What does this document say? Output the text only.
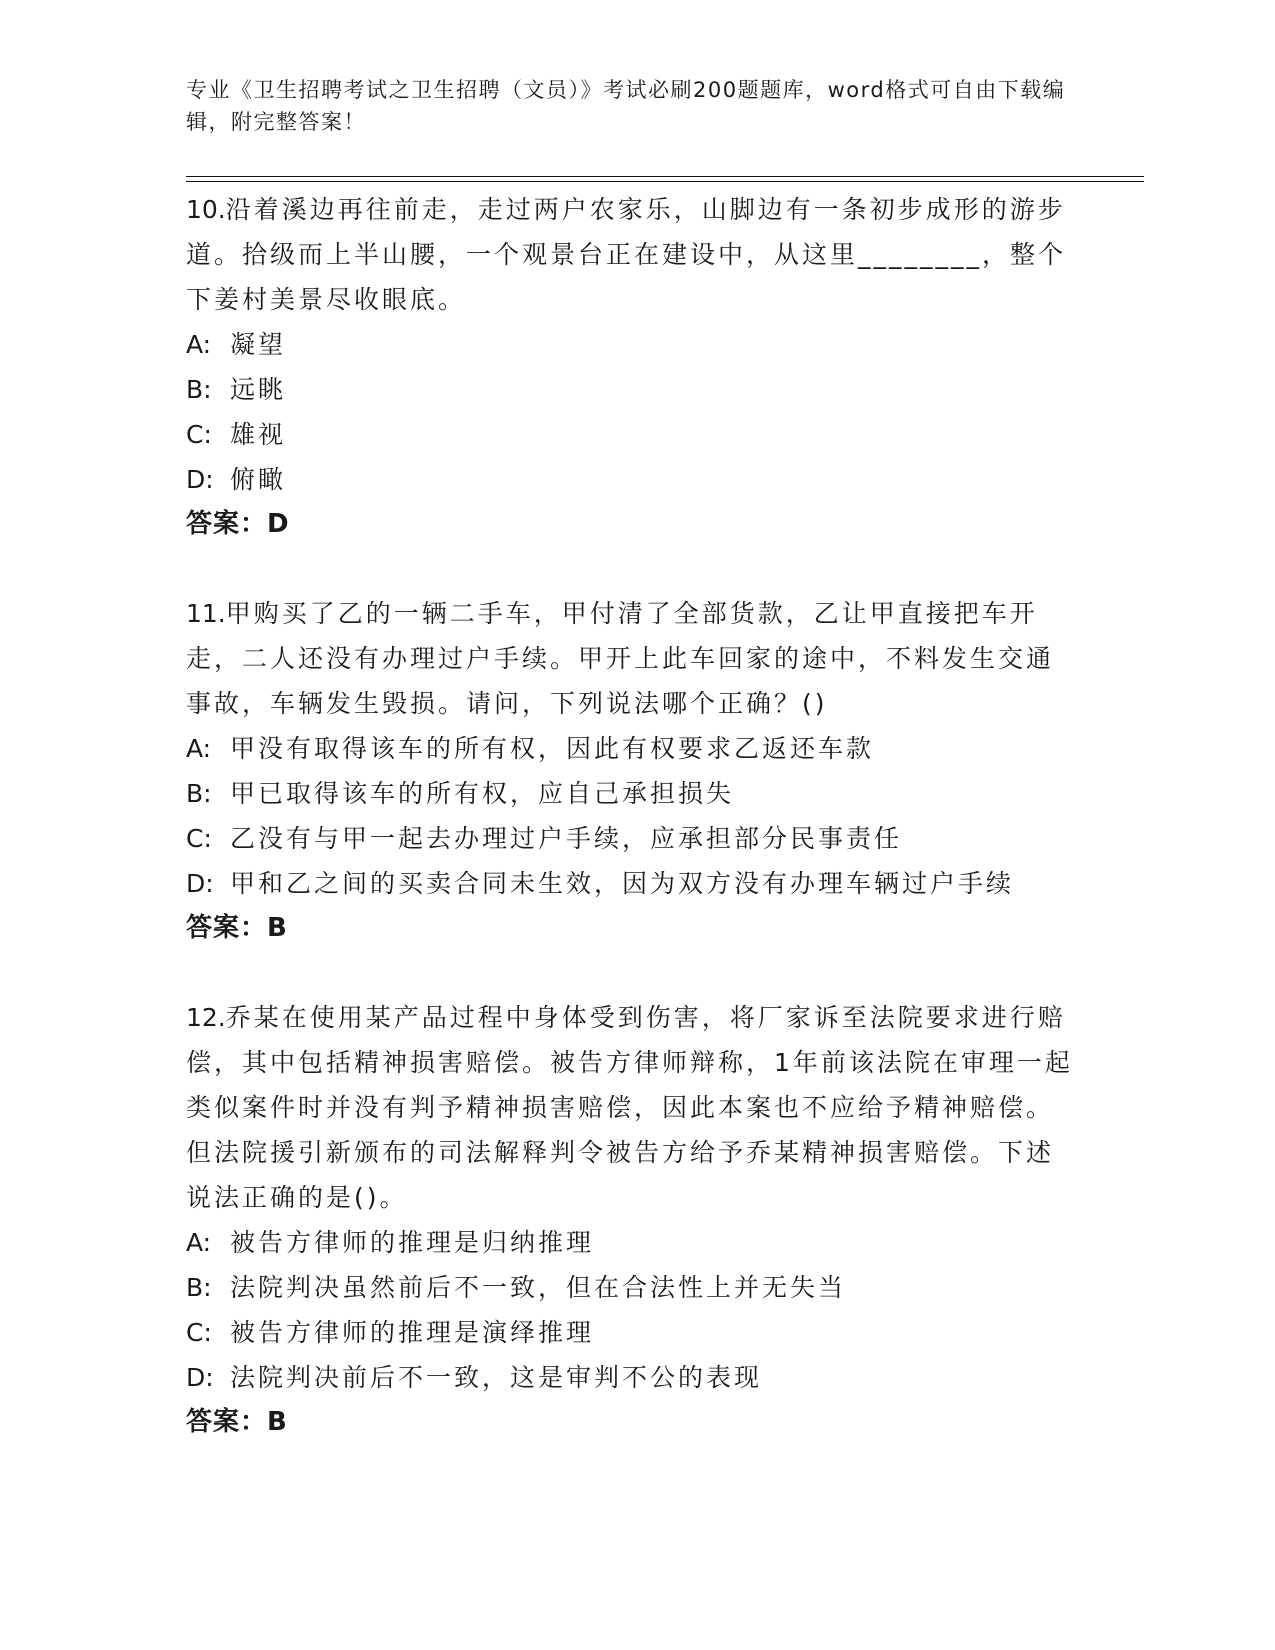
专业《卫生招聘考试之卫生招聘（文员）》考试必刷200题题库，word格式可自由下载编辑，附完整答案！

10.沿着溪边再往前走，走过两户农家乐，山脚边有一条初步成形的游步道。拾级而上半山腰，一个观景台正在建设中，从这里________，整个下姜村美景尽收眼底。

A: 凝望

B: 远眺

C: 雄视

D: 俯瞰

答案：D

11.甲购买了乙的一辆二手车，甲付清了全部货款，乙让甲直接把车开走，二人还没有办理过户手续。甲开上此车回家的途中，不料发生交通事故，车辆发生毁损。请问，下列说法哪个正确？()

A: 甲没有取得该车的所有权，因此有权要求乙返还车款

B: 甲已取得该车的所有权，应自己承担损失

C: 乙没有与甲一起去办理过户手续，应承担部分民事责任

D: 甲和乙之间的买卖合同未生效，因为双方没有办理车辆过户手续

答案：B

12.乔某在使用某产品过程中身体受到伤害，将厂家诉至法院要求进行赔偿，其中包括精神损害赔偿。被告方律师辩称，1年前该法院在审理一起类似案件时并没有判予精神损害赔偿，因此本案也不应给予精神赔偿。但法院援引新颁布的司法解释判令被告方给予乔某精神损害赔偿。下述说法正确的是()。

A: 被告方律师的推理是归纳推理

B: 法院判决虽然前后不一致，但在合法性上并无失当

C: 被告方律师的推理是演绎推理

D: 法院判决前后不一致，这是审判不公的表现

答案：B
